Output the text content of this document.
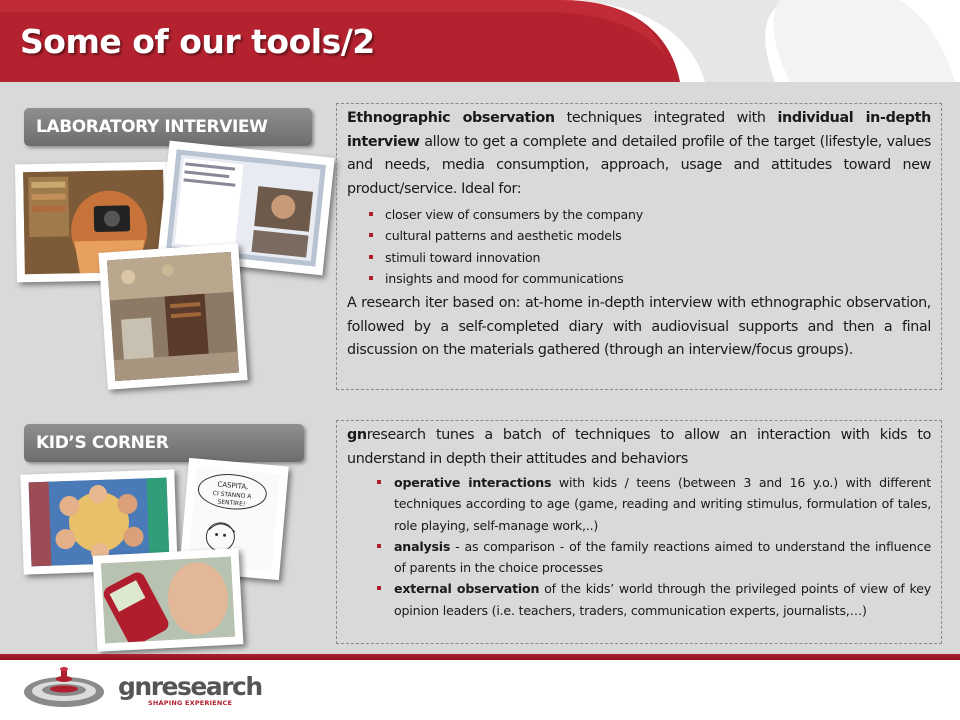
Some of our tools/2
LABORATORY INTERVIEW	Ethnographic observation techniques integrated with individual in-depth interview allow to get a complete and detailed profile of the target (lifestyle, values and needs, media consumption, approach, usage and attitudes toward new product/service. Ideal for:

closer view of consumers by the company
cultural patterns and aesthetic models
stimuli toward innovation
insights and mood for communications

A research iter based on: at-home in-depth interview with ethnographic observation, followed by a self-completed diary with audiovisual supports and then a final discussion on the materials gathered (through an interview/focus groups).

KID’S CORNER
CASPITA,
CI STANNO A
SENTIRE!

gnresearch tunes a batch of techniques to allow an interaction with kids to understand in depth their attitudes and behaviors

operative interactions with kids / teens (between 3 and 16 y.o.) with different techniques according to age (game, reading and writing stimulus, formulation of tales, role playing, self-manage work,..)
analysis - as comparison - of the family reactions aimed to understand the influence of parents in the choice processes
external observation of the kids’ world through the privileged points of view of key opinion leaders (i.e. teachers, traders, communication experts, journalists,…)
gnresearch
SHAPING EXPERIENCE
